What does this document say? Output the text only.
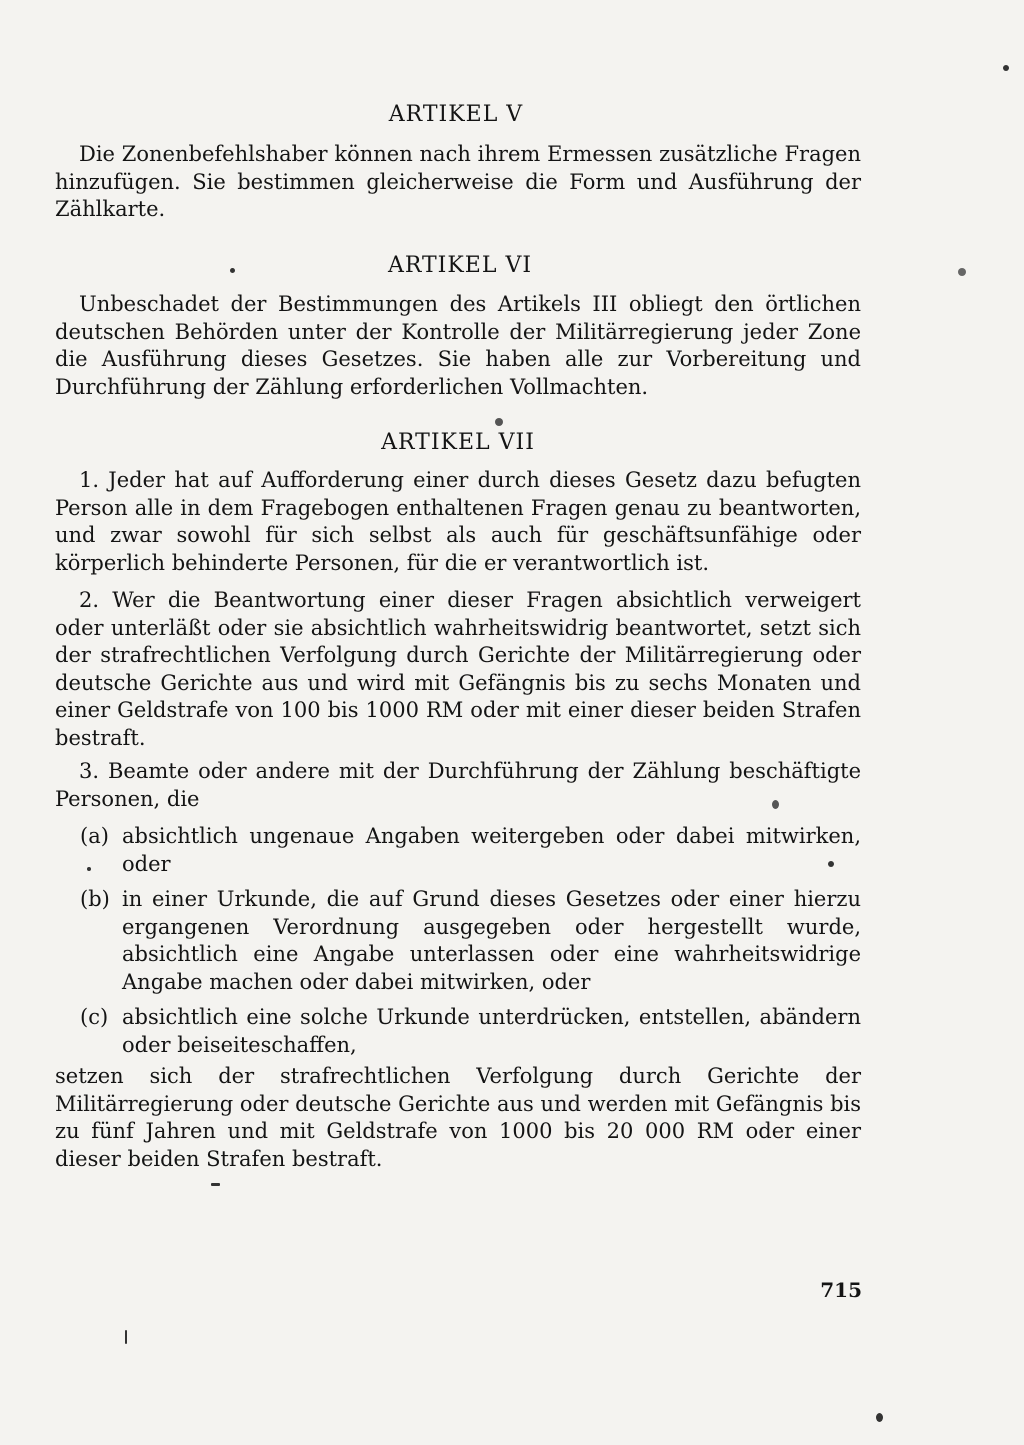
ARTIKEL V

Die Zonenbefehlshaber können nach ihrem Ermessen zusätzliche Fragen hinzufügen. Sie bestimmen gleicherweise die Form und Ausführung der Zählkarte.

ARTIKEL VI

Unbeschadet der Bestimmungen des Artikels III obliegt den örtlichen deutschen Behörden unter der Kontrolle der Militärregierung jeder Zone die Ausführung dieses Gesetzes. Sie haben alle zur Vorbereitung und Durchführung der Zählung erforderlichen Vollmachten.

ARTIKEL VII

1. Jeder hat auf Aufforderung einer durch dieses Gesetz dazu befugten Person alle in dem Fragebogen enthaltenen Fragen genau zu beantworten, und zwar sowohl für sich selbst als auch für geschäftsunfähige oder körperlich behinderte Personen, für die er verantwortlich ist.

2. Wer die Beantwortung einer dieser Fragen absichtlich verweigert oder unterläßt oder sie absichtlich wahrheitswidrig beantwortet, setzt sich der strafrechtlichen Verfolgung durch Gerichte der Militärregierung oder deutsche Gerichte aus und wird mit Gefängnis bis zu sechs Monaten und einer Geldstrafe von 100 bis 1000 RM oder mit einer dieser beiden Strafen bestraft.

3. Beamte oder andere mit der Durchführung der Zählung beschäftigte Personen, die

(a) absichtlich ungenaue Angaben weitergeben oder dabei mitwirken, oder
(b) in einer Urkunde, die auf Grund dieses Gesetzes oder einer hierzu ergangenen Verordnung ausgegeben oder hergestellt wurde, absichtlich eine Angabe unterlassen oder eine wahrheitswidrige Angabe machen oder dabei mitwirken, oder
(c) absichtlich eine solche Urkunde unterdrücken, entstellen, abändern oder beiseiteschaffen,

setzen sich der strafrechtlichen Verfolgung durch Gerichte der Militärregierung oder deutsche Gerichte aus und werden mit Gefängnis bis zu fünf Jahren und mit Geldstrafe von 1000 bis 20 000 RM oder einer dieser beiden Strafen bestraft.

715
